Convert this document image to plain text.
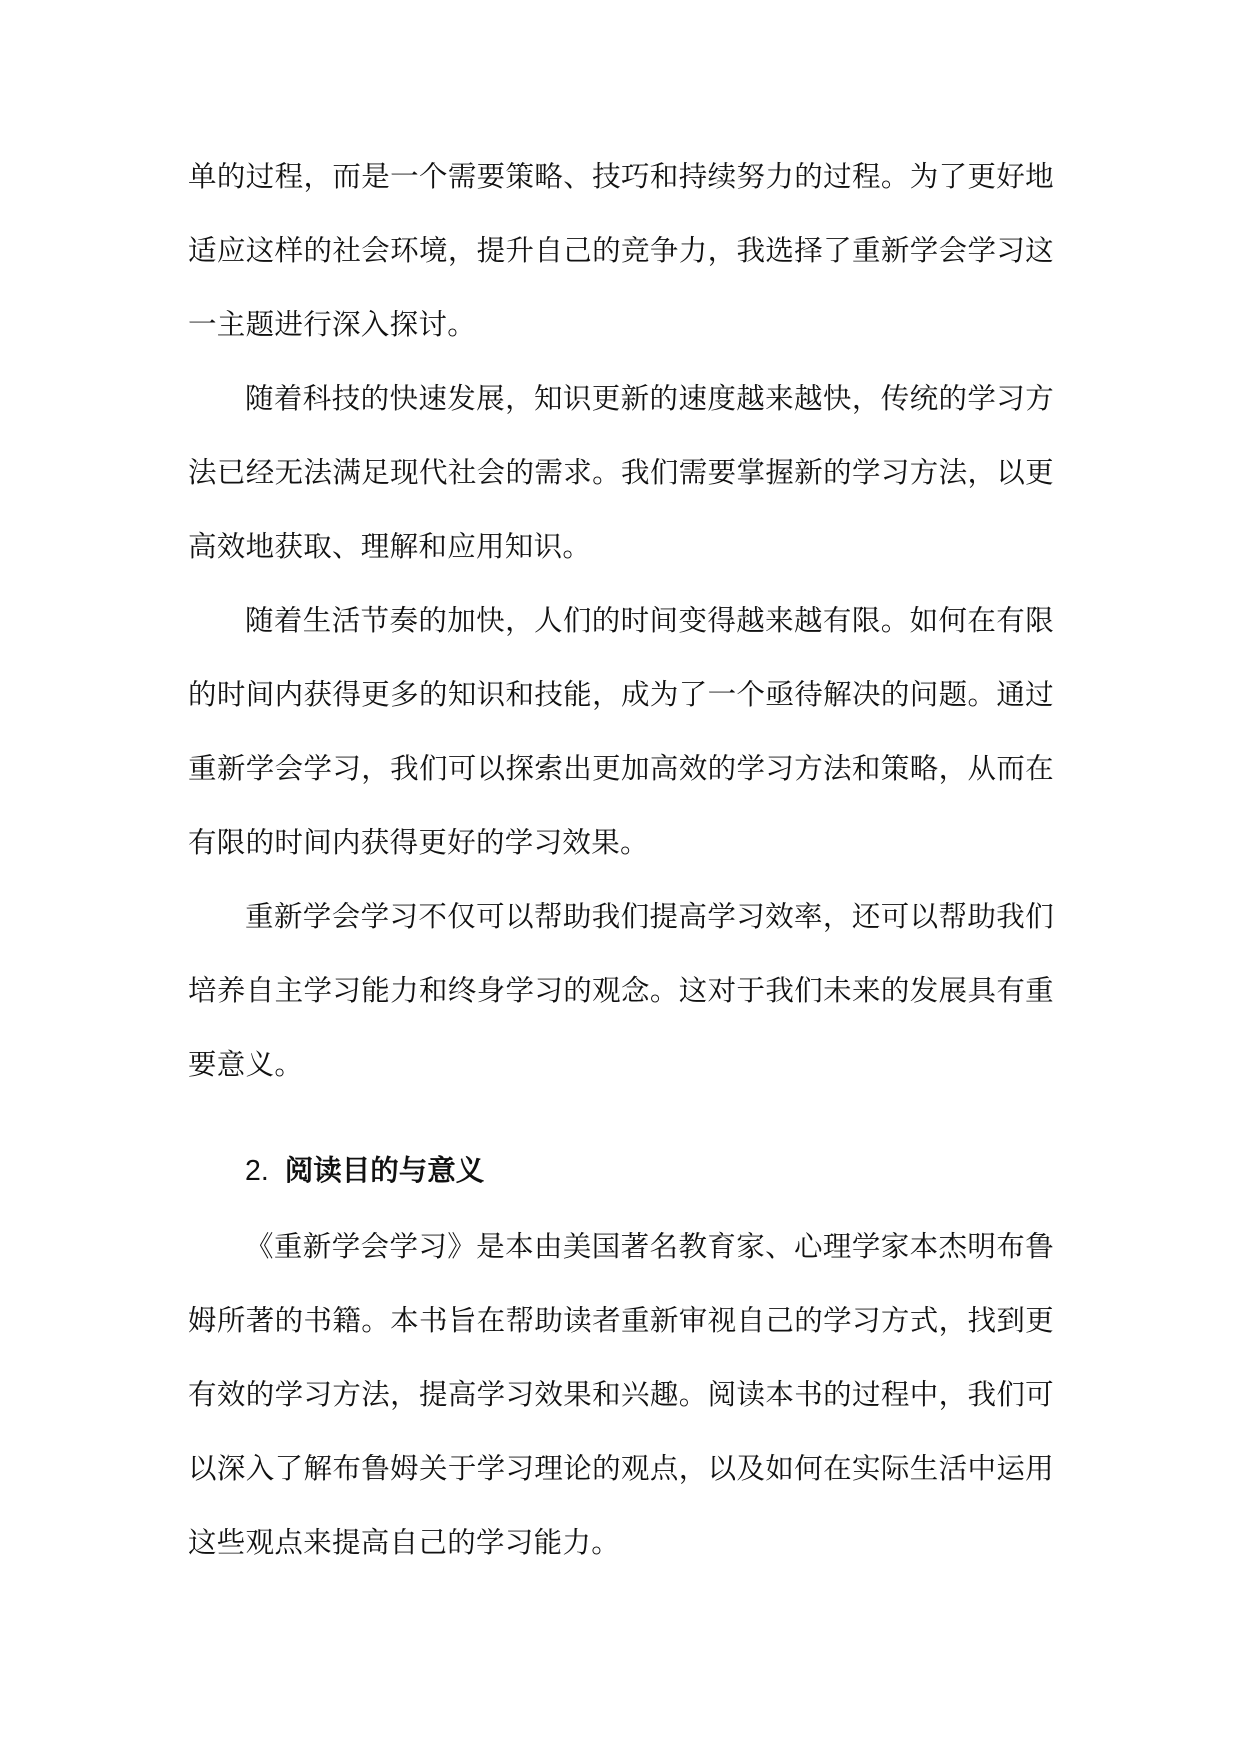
单的过程，而是一个需要策略、技巧和持续努力的过程。为了更好地适应这样的社会环境，提升自己的竞争力，我选择了重新学会学习这一主题进行深入探讨。

随着科技的快速发展，知识更新的速度越来越快，传统的学习方法已经无法满足现代社会的需求。我们需要掌握新的学习方法，以更高效地获取、理解和应用知识。

随着生活节奏的加快，人们的时间变得越来越有限。如何在有限的时间内获得更多的知识和技能，成为了一个亟待解决的问题。通过重新学会学习，我们可以探索出更加高效的学习方法和策略，从而在有限的时间内获得更好的学习效果。

重新学会学习不仅可以帮助我们提高学习效率，还可以帮助我们培养自主学习能力和终身学习的观念。这对于我们未来的发展具有重要意义。

2. 阅读目的与意义

《重新学会学习》是本由美国著名教育家、心理学家本杰明布鲁姆所著的书籍。本书旨在帮助读者重新审视自己的学习方式，找到更有效的学习方法，提高学习效果和兴趣。阅读本书的过程中，我们可以深入了解布鲁姆关于学习理论的观点，以及如何在实际生活中运用这些观点来提高自己的学习能力。
